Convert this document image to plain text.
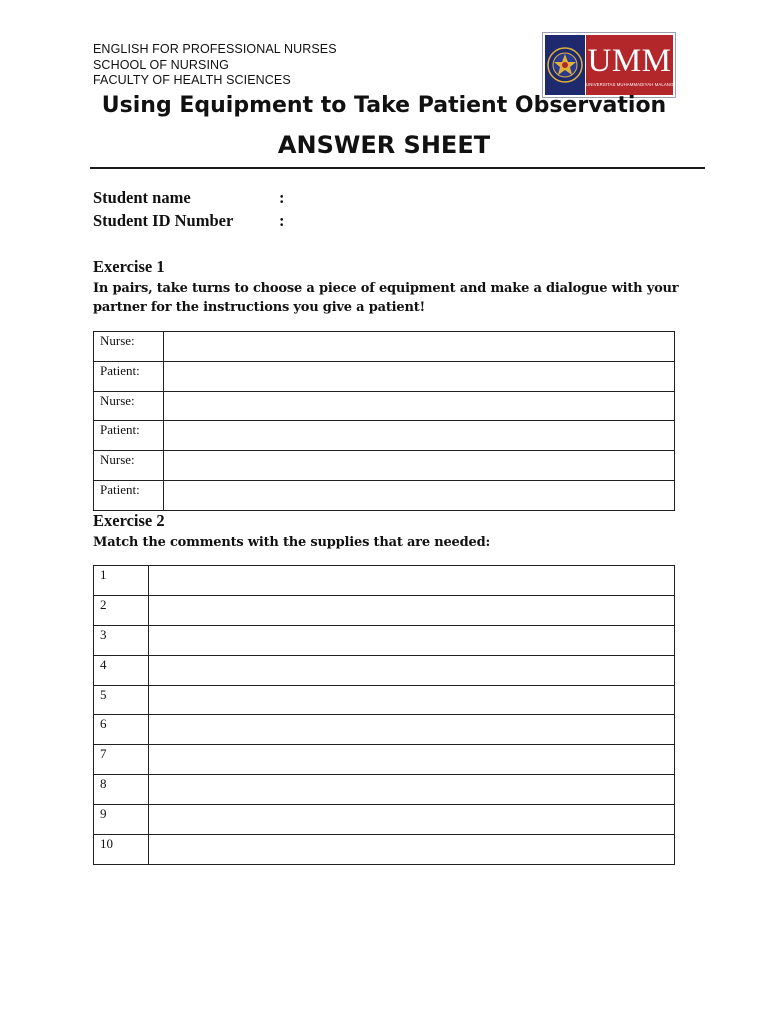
ENGLISH FOR PROFESSIONAL NURSES
SCHOOL OF NURSING
FACULTY OF HEALTH SCIENCES
UMM
UNIVERSITAS MUHAMMADIYAH MALANG
Using Equipment to Take Patient Observation
ANSWER SHEET
Student name	:
Student ID Number	:
Exercise 1
In pairs, take turns to choose a piece of equipment and make a dialogue with your
partner for the instructions you give a patient!
Nurse:	
Patient:	
Nurse:	
Patient:	
Nurse:	
Patient:	
Exercise 2
Match the comments with the supplies that are needed:
1	
2	
3	
4	
5	
6	
7	
8	
9	
10	
